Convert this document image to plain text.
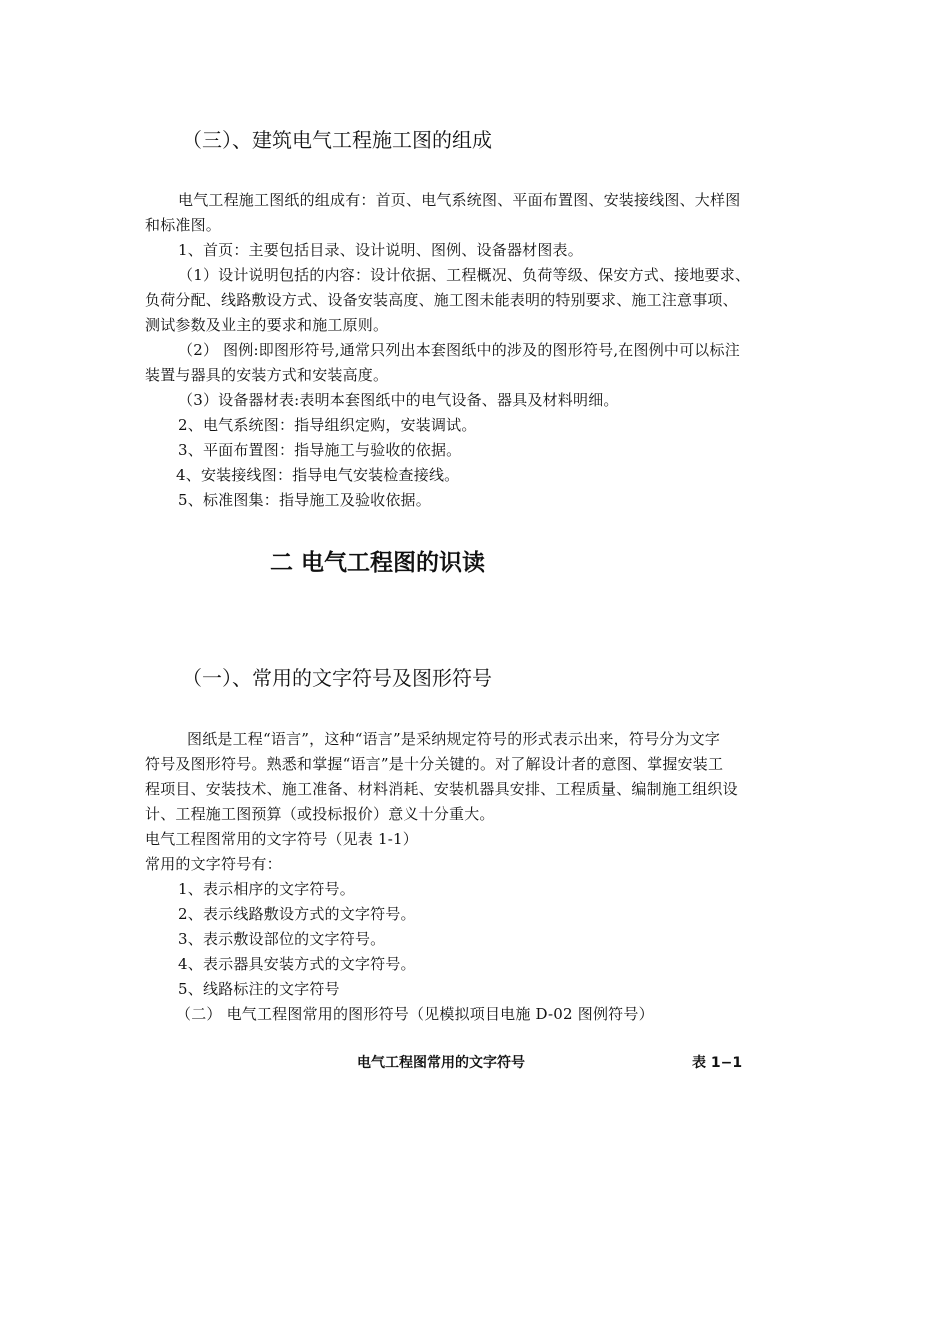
（三）、建筑电气工程施工图的组成
电气工程施工图纸的组成有：首页、电气系统图、平面布置图、安装接线图、大样图
和标准图。
1、首页：主要包括目录、设计说明、图例、设备器材图表。
（1）设计说明包括的内容：设计依据、工程概况、负荷等级、保安方式、接地要求、
负荷分配、线路敷设方式、设备安装高度、施工图未能表明的特别要求、施工注意事项、
测试参数及业主的要求和施工原则。
（2） 图例:即图形符号,通常只列出本套图纸中的涉及的图形符号,在图例中可以标注
装置与器具的安装方式和安装高度。
（3）设备器材表:表明本套图纸中的电气设备、器具及材料明细。
2、电气系统图：指导组织定购，安装调试。
3、平面布置图：指导施工与验收的依据。
4、安装接线图：指导电气安装检查接线。
5、标准图集：指导施工及验收依据。
二 电气工程图的识读
（一）、常用的文字符号及图形符号
图纸是工程“语言”，这种“语言”是采纳规定符号的形式表示出来，符号分为文字
符号及图形符号。熟悉和掌握“语言”是十分关键的。对了解设计者的意图、掌握安装工
程项目、安装技术、施工准备、材料消耗、安装机器具安排、工程质量、编制施工组织设
计、工程施工图预算（或投标报价）意义十分重大。
电气工程图常用的文字符号（见表 1-1）
常用的文字符号有：
1、表示相序的文字符号。
2、表示线路敷设方式的文字符号。
3、表示敷设部位的文字符号。
4、表示器具安装方式的文字符号。
5、线路标注的文字符号
（二） 电气工程图常用的图形符号（见模拟项目电施 D-02 图例符号）
电气工程图常用的文字符号	表 1−1
